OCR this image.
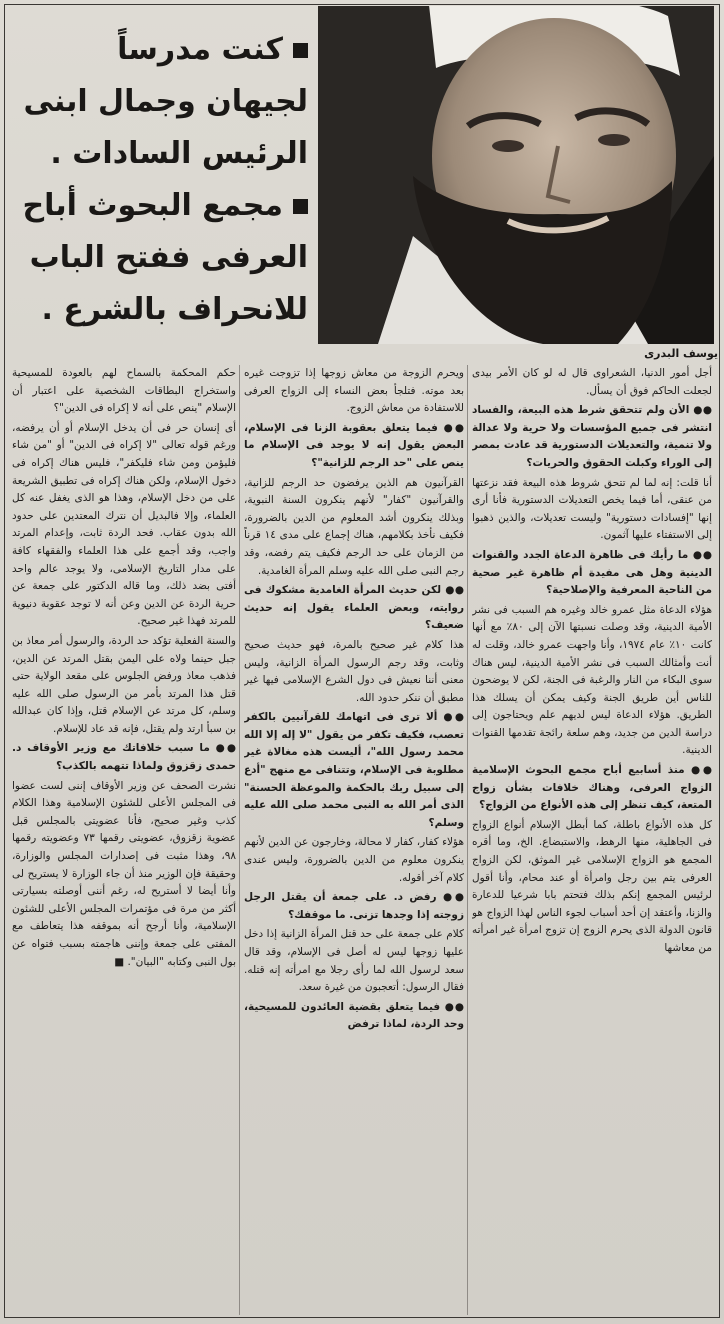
كنت مدرساً لجيهان وجمال ابنى الرئيس السادات .

مجمع البحوث أباح العرفى ففتح الباب للانحراف بالشرع .

يوسف البدرى

أجل أمور الدنيا، الشعراوى قال له لو كان الأمر بيدى لجعلت الحاكم فوق أن يسأل.

●● الأن ولم تتحقق شرط هذه البيعة، والفساد انتشر فى جميع المؤسسات ولا حرية ولا عدالة ولا تنمية، والتعديلات الدستورية قد عادت بمصر إلى الوراء وكبلت الحقوق والحريات؟

أنا قلت: إنه لما لم تتحق شروط هذه البيعة فقد نزعتها من عنقى، أما فيما يخص التعديلات الدستورية فأنا أرى إنها "إفسادات دستورية" وليست تعديلات، والذين ذهبوا إلى الاستفتاء عليها آثمون.

●● ما رأيك فى ظاهرة الدعاة الجدد والقنوات الدينية وهل هى مفيدة أم ظاهرة غير صحية من الناحية المعرفية والإصلاحية؟

هؤلاء الدعاة مثل عمرو خالد وغيره هم السبب فى نشر الأمية الدينية، وقد وصلت نسبتها الآن إلى ٨٠٪ مع أنها كانت ١٠٪ عام ١٩٧٤، وأنا واجهت عمرو خالد، وقلت له أنت وأمثالك السبب فى نشر الأمية الدينية، ليس هناك سوى البكاء من النار والرغبة فى الجنة، لكن لا يوضحون للناس أين طريق الجنة وكيف يمكن أن يسلك هذا الطريق. هؤلاء الدعاة ليس لديهم علم ويحتاجون إلى دراسة الدين من جديد، وهم سلعة رائجة تقدمها القنوات الدينية.

●● منذ أسابيع أباح مجمع البحوث الإسلامية الزواج العرفى، وهناك خلافات بشأن زواج المتعة، كيف تنظر إلى هذه الأنواع من الزواج؟

كل هذه الأنواع باطلة، كما أبطل الإسلام أنواع الزواج فى الجاهلية، منها الرهط، والاستبضاع. الخ، وما أقره المجمع هو الزواج الإسلامى غير الموثق، لكن الزواج العرفى يتم بين رجل وامرأة أو عند محام، وأنا أقول لرئيس المجمع إنكم بذلك فتحتم بابا شرعيا للدعارة والزنا، وأعتقد إن أحد أسباب لجوء الناس لهذا الزواج هو قانون الدولة الذى يحرم الزوج إن تزوج امرأة غير امرأته من معاشها

ويحرم الزوجة من معاش زوجها إذا تزوجت غيره بعد موته. فتلجأ بعض النساء إلى الزواج العرفى للاستفادة من معاش الزوج.

●● فيما يتعلق بعقوبة الزنا فى الإسلام، البعض يقول إنه لا يوجد فى الإسلام ما ينص على "حد الرجم للزانية"؟

القرآنيون هم الذين يرفضون حد الرجم للزانية، والقرآنيون "كفار" لأنهم ينكرون السنة النبوية، وبذلك ينكرون أشد المعلوم من الدين بالضرورة، فكيف نأخذ بكلامهم، هناك إجماع على مدى ١٤ قرناً من الزمان على حد الرجم فكيف يتم رفضه، وقد رجم النبى صلى الله عليه وسلم المرأة الغامدية.

●● لكن حديث المرأة الغامدية مشكوك فى روايته، وبعض العلماء يقول إنه حديث ضعيف؟

هذا كلام غير صحيح بالمرة، فهو حديث صحيح وثابت، وقد رجم الرسول المرأة الزانية، وليس معنى أننا نعيش فى دول الشرع الإسلامى فيها غير مطبق أن ننكر حدود الله.

●● ألا ترى فى اتهامك للقرآنيين بالكفر تعصب، فكيف تكفر من يقول "لا إله إلا الله محمد رسول الله"، أليست هذه مغالاة غير مطلوبة فى الإسلام، وتتنافى مع منهج "أدع إلى سبيل ربك بالحكمة والموعظة الحسنة" الذى أمر الله به النبى محمد صلى الله عليه وسلم؟

هؤلاء كفار، كفار لا محالة، وخارجون عن الدين لأنهم ينكرون معلوم من الدين بالضرورة، وليس عندى كلام آخر أقوله.

●● رفض د. على جمعة أن يقتل الرجل زوجته إذا وجدها تزنى. ما موقفك؟

كلام على جمعة على حد قتل المرأة الزانية إذا دخل عليها زوجها ليس له أصل فى الإسلام، وقد قال سعد لرسول الله لما رأى رجلا مع امرأته إنه قتله. فقال الرسول: أتعجبون من غيرة سعد.

●● فيما يتعلق بقضية العائدون للمسيحية، وحد الردة، لماذا ترفض

حكم المحكمة بالسماح لهم بالعودة للمسيحية واستخراج البطاقات الشخصية على اعتبار أن الإسلام "ينص على أنه لا إكراه فى الدين"؟

أى إنسان حر فى أن يدخل الإسلام أو أن يرفضه، ورغم قوله تعالى "لا إكراه فى الدين" أو "من شاء فليؤمن ومن شاء فليكفر"، فليس هناك إكراه فى دخول الإسلام، ولكن هناك إكراه فى تطبيق الشريعة على من دخل الإسلام، وهذا هو الذى يغفل عنه كل العلماء، وإلا فالبديل أن نترك المعتدين على حدود الله بدون عقاب. فحد الردة ثابت، وإعدام المرتد واجب، وقد أجمع على هذا العلماء والفقهاء كافة على مدار التاريخ الإسلامى، ولا يوجد عالم واحد أفتى بضد ذلك، وما قاله الدكتور على جمعة عن حرية الردة عن الدين وعن أنه لا توجد عقوبة دنيوية للمرتد فهذا غير صحيح.

والسنة الفعلية تؤكد حد الردة، والرسول أمر معاذ بن جبل حينما ولاه على اليمن بقتل المرتد عن الدين، فذهب معاذ ورفض الجلوس على مقعد الولاية حتى قتل هذا المرتد بأمر من الرسول صلى الله عليه وسلم، كل مرتد عن الإسلام قتل، وإذا كان عبدالله بن سبأ ارتد ولم يقتل، فإنه قد عاد للإسلام.

●● ما سبب خلافاتك مع وزير الأوقاف د. حمدى زقزوق ولماذا تتهمه بالكذب؟

نشرت الصحف عن وزير الأوقاف إننى لست عضوا فى المجلس الأعلى للشئون الإسلامية وهذا الكلام كذب وغير صحيح، فأنا عضويتى بالمجلس قبل عضوية زقزوق، عضويتى رقمها ٧٣ وعضويته رقمها ٩٨، وهذا مثبت فى إصدارات المجلس والوزارة، وحقيقة فإن الوزير منذ أن جاء الوزارة لا يستريح لى وأنا أيضا لا أستريح له، رغم أننى أوصلته بسيارتى أكثر من مرة فى مؤتمرات المجلس الأعلى للشئون الإسلامية، وأنا أرجح أنه بموقفه هذا يتعاطف مع المفتى على جمعة وإننى هاجمته بسبب فتواه عن بول النبى وكتابه "البيان". ■
